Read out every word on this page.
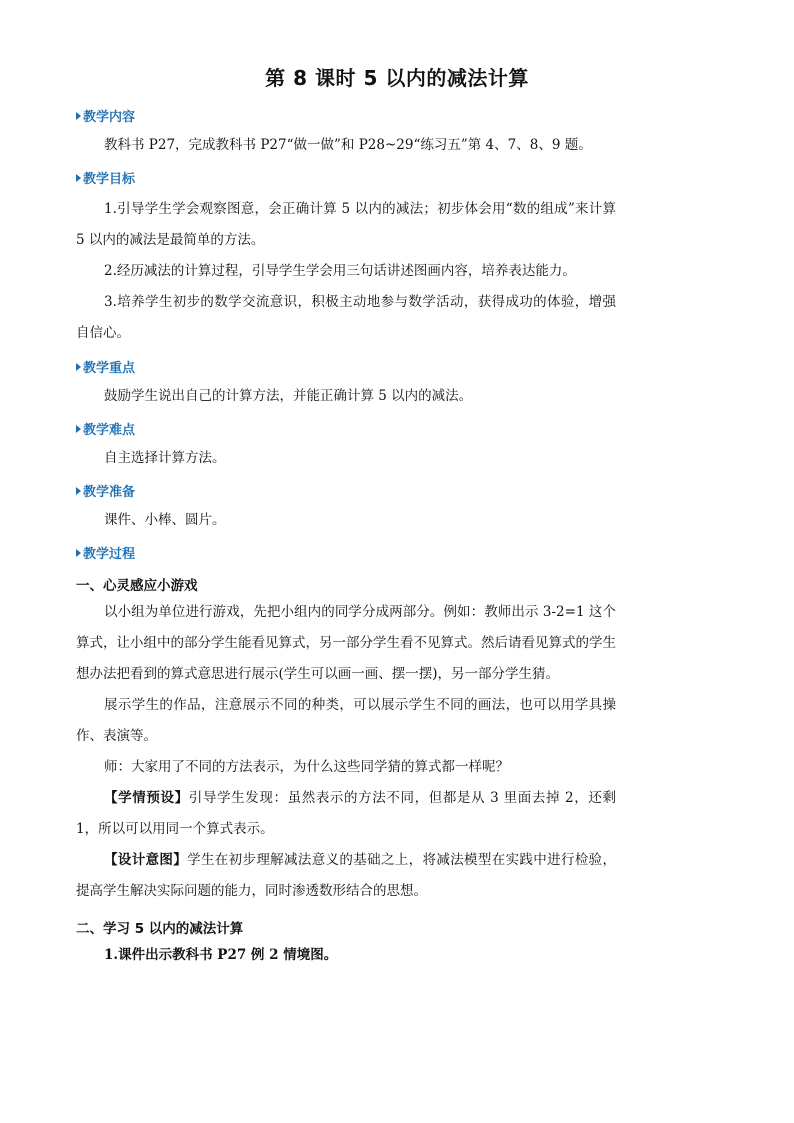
第 8 课时 5 以内的减法计算
教学内容
教科书 P27，完成教科书 P27“做一做”和 P28~29“练习五”第 4、7、8、9 题。
教学目标
1.引导学生学会观察图意，会正确计算 5 以内的减法；初步体会用“数的组成”来计算 5 以内的减法是最简单的方法。
2.经历减法的计算过程，引导学生学会用三句话讲述图画内容，培养表达能力。
3.培养学生初步的数学交流意识，积极主动地参与数学活动，获得成功的体验，增强自信心。
教学重点
鼓励学生说出自己的计算方法，并能正确计算 5 以内的减法。
教学难点
自主选择计算方法。
教学准备
课件、小棒、圆片。
教学过程
一、心灵感应小游戏
以小组为单位进行游戏，先把小组内的同学分成两部分。例如：教师出示 3-2=1 这个算式，让小组中的部分学生能看见算式，另一部分学生看不见算式。然后请看见算式的学生想办法把看到的算式意思进行展示(学生可以画一画、摆一摆)，另一部分学生猜。
展示学生的作品，注意展示不同的种类，可以展示学生不同的画法，也可以用学具操作、表演等。
师：大家用了不同的方法表示，为什么这些同学猜的算式都一样呢？
【学情预设】引导学生发现：虽然表示的方法不同，但都是从 3 里面去掉 2，还剩 1，所以可以用同一个算式表示。
【设计意图】学生在初步理解减法意义的基础之上，将减法模型在实践中进行检验，提高学生解决实际问题的能力，同时渗透数形结合的思想。
二、学习 5 以内的减法计算
1.课件出示教科书 P27 例 2 情境图。
